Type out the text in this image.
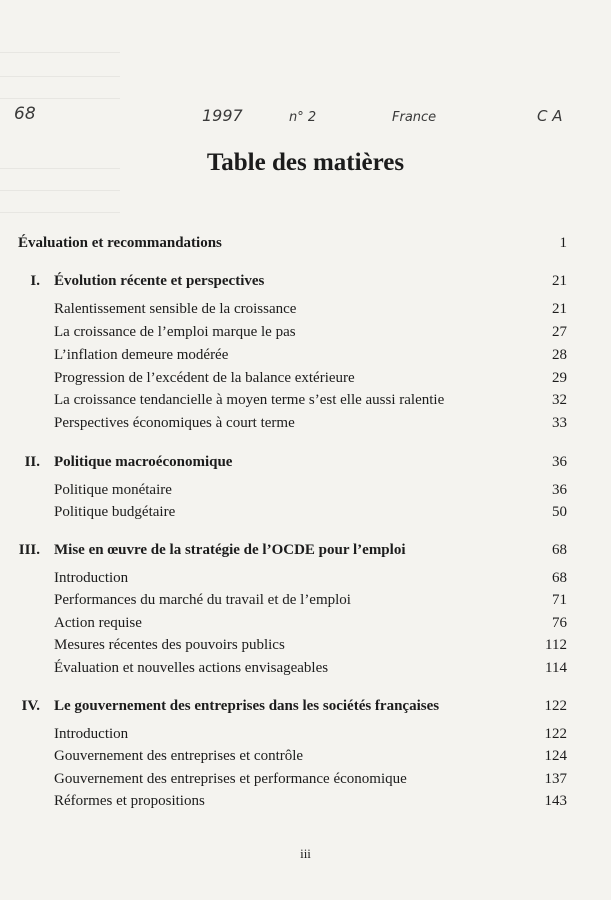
68	1997	n° 2	France	C A
Table des matières
Évaluation et recommandations	1
I. Évolution récente et perspectives	21
Ralentissement sensible de la croissance	21
La croissance de l’emploi marque le pas	27
L’inflation demeure modérée	28
Progression de l’excédent de la balance extérieure	29
La croissance tendancielle à moyen terme s’est elle aussi ralentie	32
Perspectives économiques à court terme	33
II. Politique macroéconomique	36
Politique monétaire	36
Politique budgétaire	50
III. Mise en œuvre de la stratégie de l’OCDE pour l’emploi	68
Introduction	68
Performances du marché du travail et de l’emploi	71
Action requise	76
Mesures récentes des pouvoirs publics	112
Évaluation et nouvelles actions envisageables	114
IV. Le gouvernement des entreprises dans les sociétés françaises	122
Introduction	122
Gouvernement des entreprises et contrôle	124
Gouvernement des entreprises et performance économique	137
Réformes et propositions	143
iii
